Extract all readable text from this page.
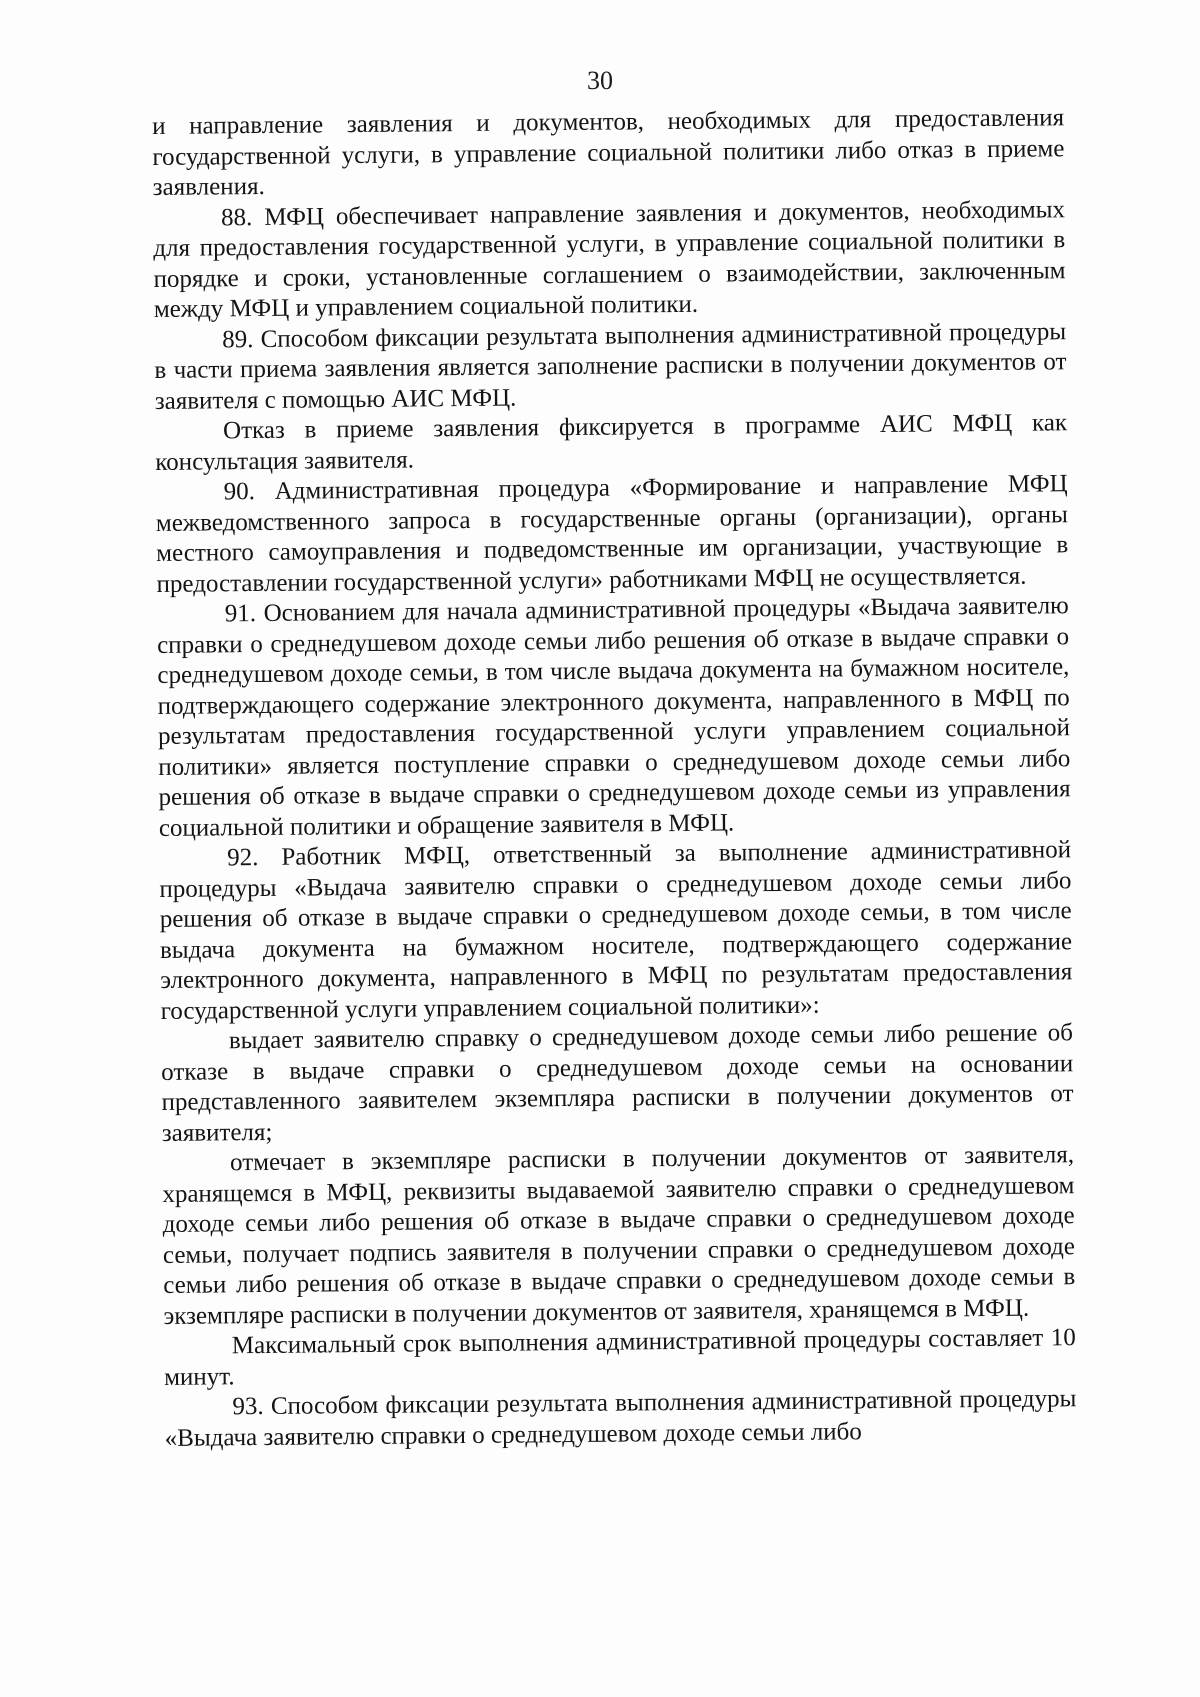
30

и направление заявления и документов, необходимых для предоставления государственной услуги, в управление социальной политики либо отказ в приеме заявления.

88. МФЦ обеспечивает направление заявления и документов, необходимых для предоставления государственной услуги, в управление социальной политики в порядке и сроки, установленные соглашением о взаимодействии, заключенным между МФЦ и управлением социальной политики.

89. Способом фиксации результата выполнения административной процедуры в части приема заявления является заполнение расписки в получении документов от заявителя с помощью АИС МФЦ.

Отказ в приеме заявления фиксируется в программе АИС МФЦ как консультация заявителя.

90. Административная процедура «Формирование и направление МФЦ межведомственного запроса в государственные органы (организации), органы местного самоуправления и подведомственные им организации, участвующие в предоставлении государственной услуги» работниками МФЦ не осуществляется.

91. Основанием для начала административной процедуры «Выдача заявителю справки о среднедушевом доходе семьи либо решения об отказе в выдаче справки о среднедушевом доходе семьи, в том числе выдача документа на бумажном носителе, подтверждающего содержание электронного документа, направленного в МФЦ по результатам предоставления государственной услуги управлением социальной политики» является поступление справки о среднедушевом доходе семьи либо решения об отказе в выдаче справки о среднедушевом доходе семьи из управления социальной политики и обращение заявителя в МФЦ.

92. Работник МФЦ, ответственный за выполнение административной процедуры «Выдача заявителю справки о среднедушевом доходе семьи либо решения об отказе в выдаче справки о среднедушевом доходе семьи, в том числе выдача документа на бумажном носителе, подтверждающего содержание электронного документа, направленного в МФЦ по результатам предоставления государственной услуги управлением социальной политики»:

выдает заявителю справку о среднедушевом доходе семьи либо решение об отказе в выдаче справки о среднедушевом доходе семьи на основании представленного заявителем экземпляра расписки в получении документов от заявителя;

отмечает в экземпляре расписки в получении документов от заявителя, хранящемся в МФЦ, реквизиты выдаваемой заявителю справки о среднедушевом доходе семьи либо решения об отказе в выдаче справки о среднедушевом доходе семьи, получает подпись заявителя в получении справки о среднедушевом доходе семьи либо решения об отказе в выдаче справки о среднедушевом доходе семьи в экземпляре расписки в получении документов от заявителя, хранящемся в МФЦ.

Максимальный срок выполнения административной процедуры составляет 10 минут.

93. Способом фиксации результата выполнения административной процедуры «Выдача заявителю справки о среднедушевом доходе семьи либо
